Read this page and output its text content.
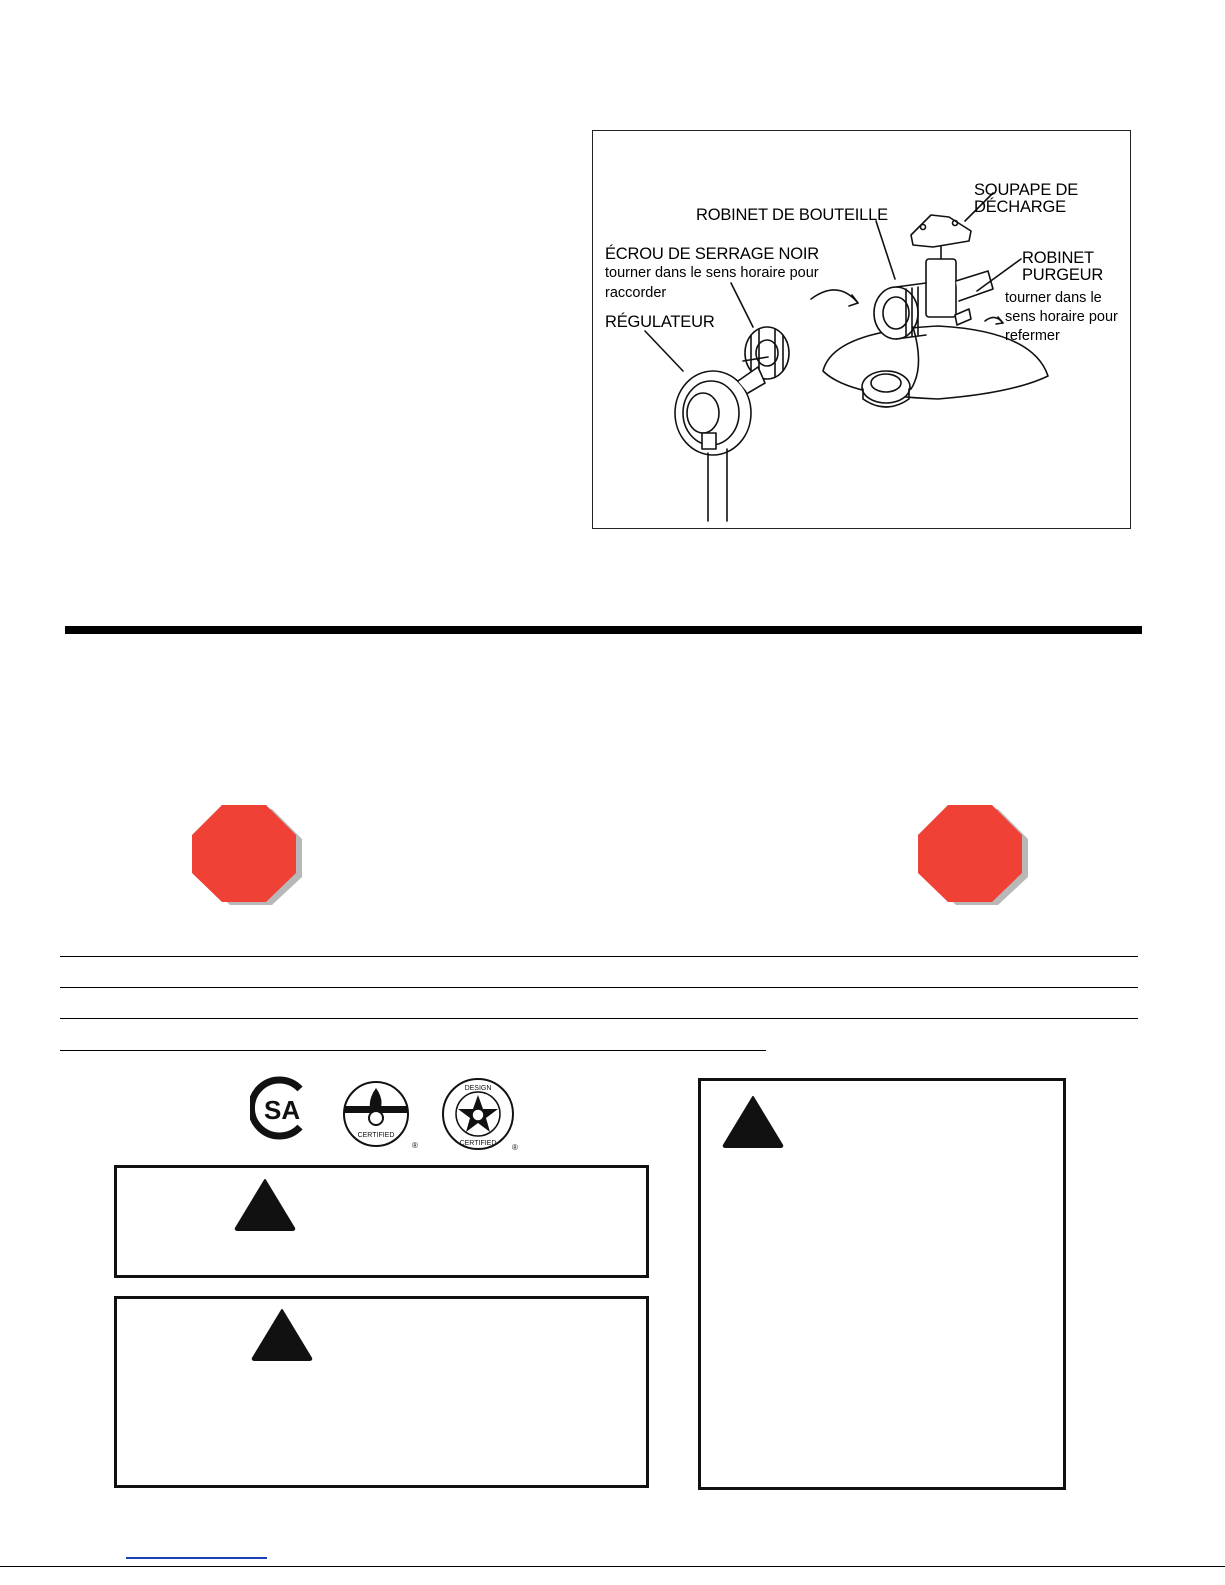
SOUPAPE DE
DÉCHARGE
ROBINET DE BOUTEILLE
ÉCROU DE SERRAGE NOIR
tourner dans le sens horaire pour
raccorder
RÉGULATEUR
ROBINET
PURGEUR
tourner dans le
sens horaire pour
refermer
SA
CERTIFIED
®
DESIGN
CERTIFIED ®
